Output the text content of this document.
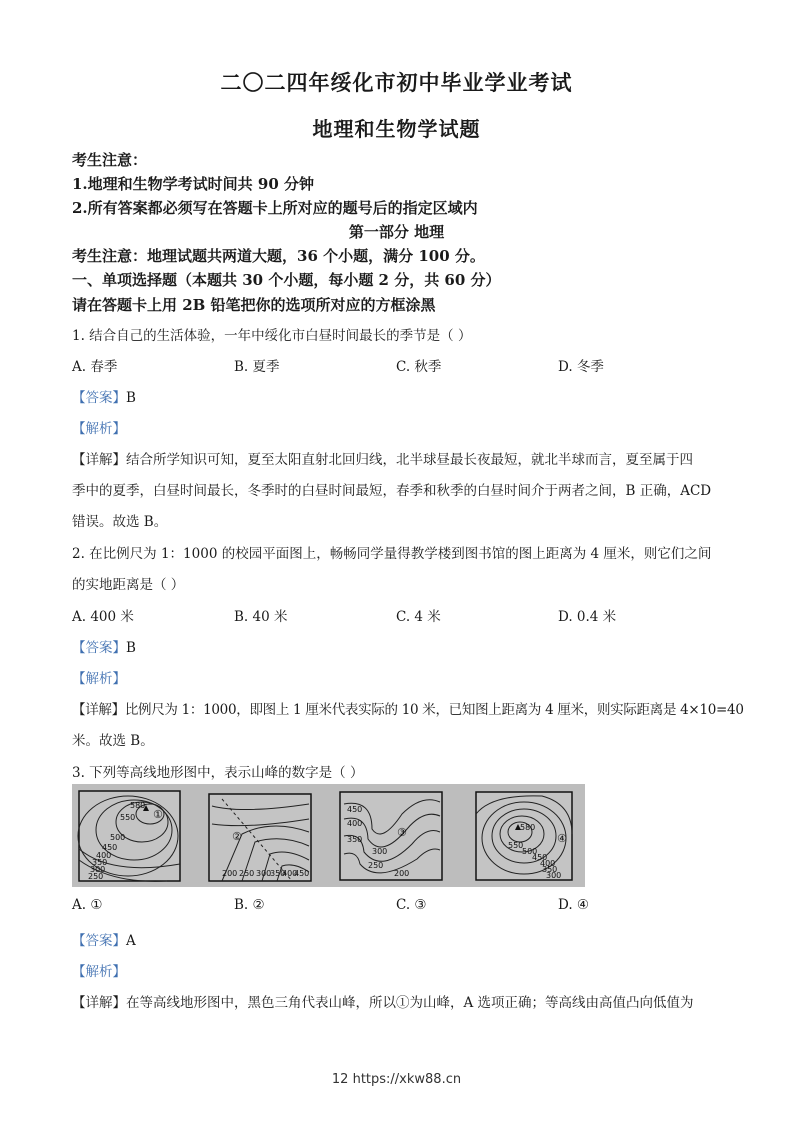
二〇二四年绥化市初中毕业学业考试
地理和生物学试题
考生注意：
1.地理和生物学考试时间共 90 分钟
2.所有答案都必须写在答题卡上所对应的题号后的指定区域内
第一部分 地理
考生注意：地理试题共两道大题，36 个小题，满分 100 分。
一、单项选择题（本题共 30 个小题，每小题 2 分，共 60 分）
请在答题卡上用 2B 铅笔把你的选项所对应的方框涂黑
1. 结合自己的生活体验，一年中绥化市白昼时间最长的季节是（ ）
A. 春季	B. 夏季	C. 秋季	D. 冬季
【答案】B
【解析】
【详解】结合所学知识可知，夏至太阳直射北回归线，北半球昼最长夜最短，就北半球而言，夏至属于四
季中的夏季，白昼时间最长，冬季时的白昼时间最短，春季和秋季的白昼时间介于两者之间，B 正确，ACD
错误。故选 B。
2. 在比例尺为 1：1000 的校园平面图上，畅畅同学量得教学楼到图书馆的图上距离为 4 厘米，则它们之间
的实地距离是（ ）
A. 400 米	B. 40 米	C. 4 米	D. 0.4 米
【答案】B
【解析】
【详解】比例尺为 1：1000，即图上 1 厘米代表实际的 10 米，已知图上距离为 4 厘米，则实际距离是 4×10=40
米。故选 B。
3. 下列等高线地形图中，表示山峰的数字是（ ）
580
550
500
450
400
350
300
250	200 250 300
350
400
450
450
400
350
300
250
200
580
550
500
450
400
350
300
①
②	③	④
A. ①	B. ②	C. ③	D. ④
【答案】A
【解析】
【详解】在等高线地形图中，黑色三角代表山峰，所以①为山峰，A 选项正确；等高线由高值凸向低值为
12 https://xkw88.cn
